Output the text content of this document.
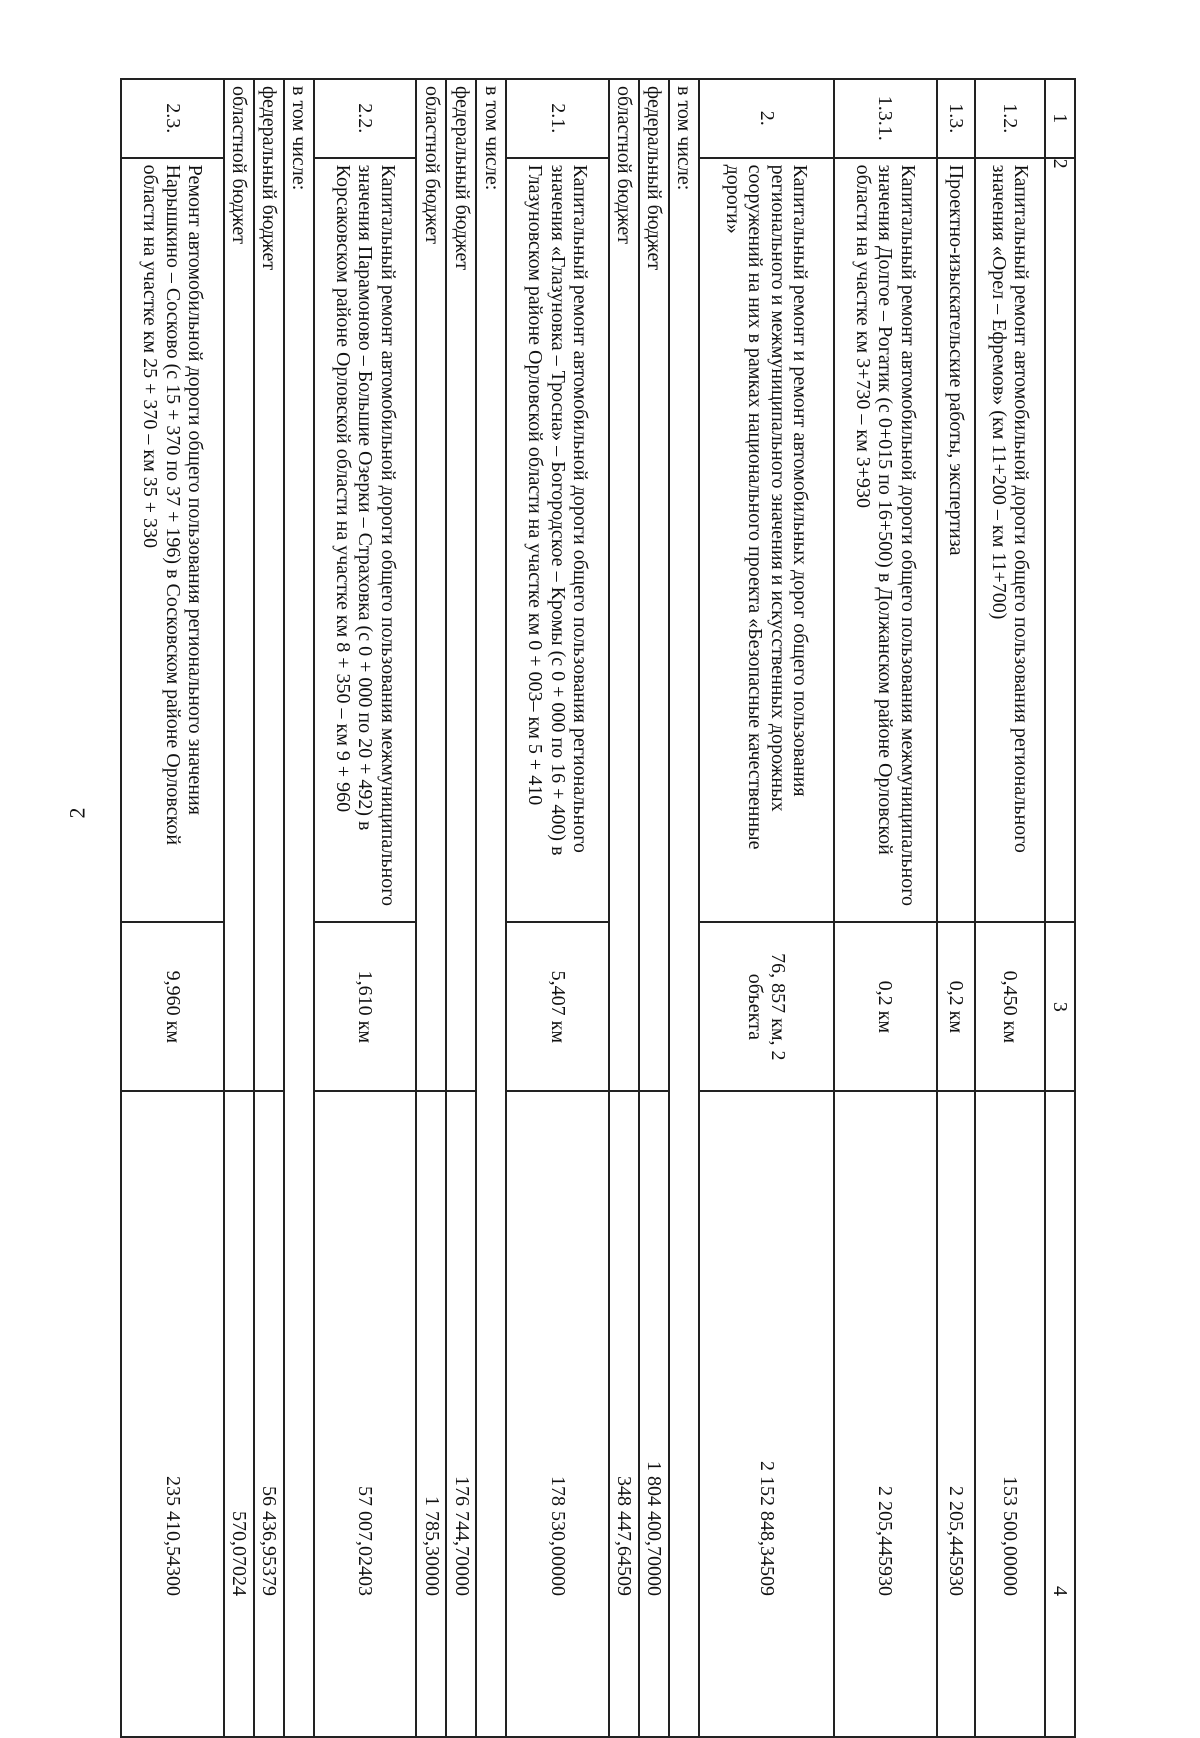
2
1	2	3	4
1.2.	Капитальный ремонт автомобильной дороги общего пользования регионального значения «Орел – Ефремов» (км 11+200 – км 11+700)	0,450 км	153 500,00000
1.3.	Проектно-изыскательские работы, экспертиза	0,2 км	2 205,445930
1.3.1.	Капитальный ремонт автомобильной дороги общего пользования межмуниципального значения Долгое – Рогатик (с 0+015 по 16+500) в Должанском районе Орловской области на участке км 3+730 – км 3+930	0,2 км	2 205,445930
2.	Капитальный ремонт и ремонт автомобильных дорог общего пользования регионального и межмуниципального значения и искусственных дорожных сооружений на них в рамках национального проекта «Безопасные качественные дороги»	76, 857 км, 2 объекта	2 152 848,34509
в том числе:			
федеральный бюджет			1 804 400,70000
областной бюджет			348 447,64509
2.1.	Капитальный ремонт автомобильной дороги общего пользования регионального значения «Глазуновка – Тросна» – Богородское – Кромы (с 0 + 000 по 16 + 400) в Глазуновском районе Орловской области на участке км 0 + 003– км 5 + 410	5,407 км	178 530,00000
в том числе:			
федеральный бюджет			176 744,70000
областной бюджет			1 785,30000
2.2.	Капитальный ремонт автомобильной дороги общего пользования межмуниципального значения Парамоново – Большие Озерки – Страховка (с 0 + 000 по 20 + 492) в Корсаковском районе Орловской области на участке км 8 + 350 – км 9 + 960	1,610 км	57 007,02403
в том числе:			
федеральный бюджет			56 436,95379
областной бюджет			570,07024
2.3.	Ремонт автомобильной дороги общего пользования регионального значения Нарышкино – Сосково (с 15 + 370 по 37 + 196) в Сосковском районе Орловской области на участке км 25 + 370 – км 35 + 330	9,960 км	235 410,54300
